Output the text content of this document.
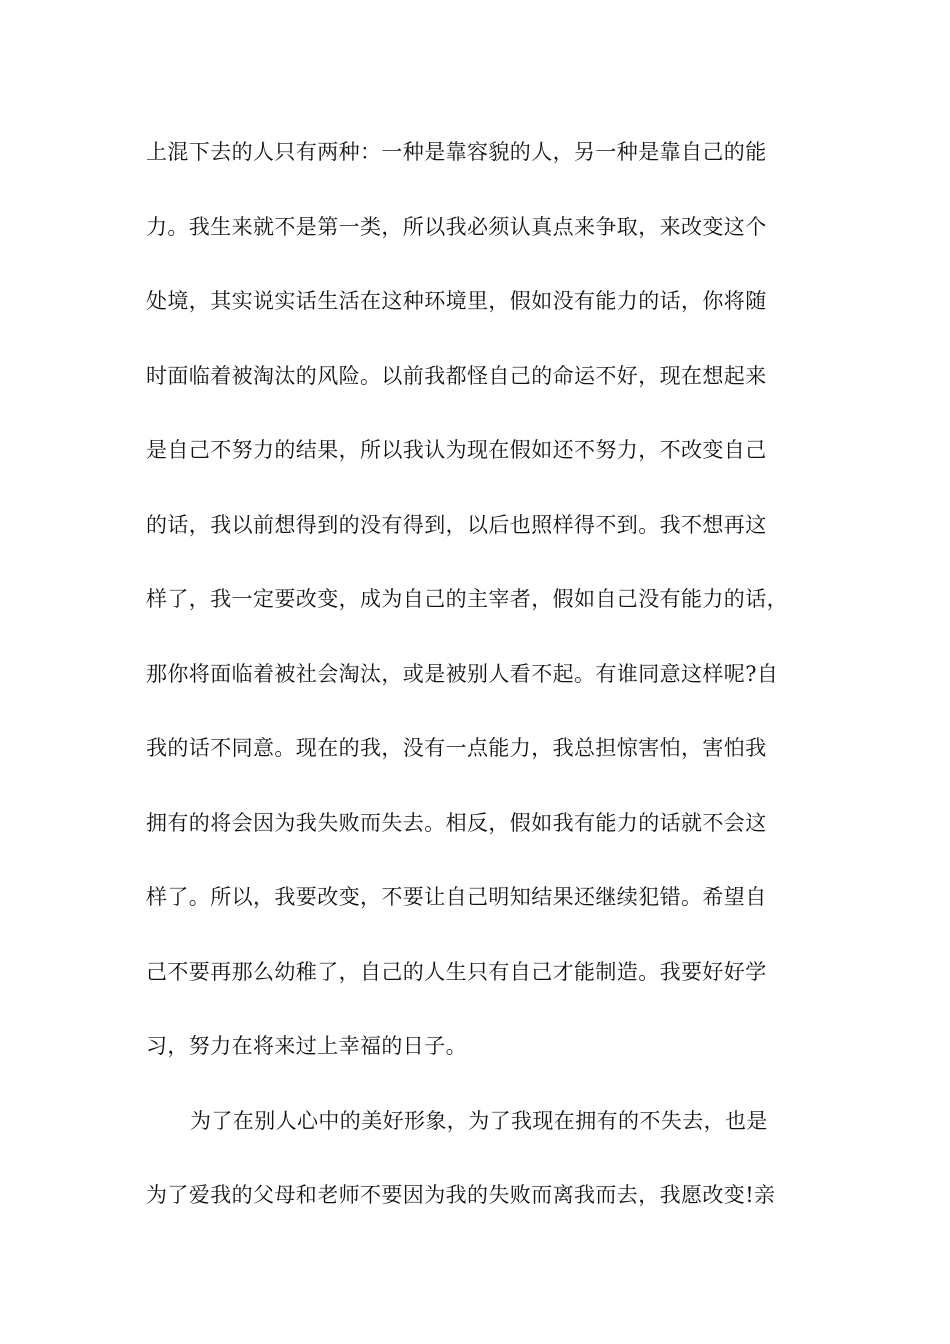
上混下去的人只有两种：一种是靠容貌的人，另一种是靠自己的能
力。我生来就不是第一类，所以我必须认真点来争取，来改变这个
处境，其实说实话生活在这种环境里，假如没有能力的话，你将随
时面临着被淘汰的风险。以前我都怪自己的命运不好，现在想起来
是自己不努力的结果，所以我认为现在假如还不努力，不改变自己
的话，我以前想得到的没有得到，以后也照样得不到。我不想再这
样了，我一定要改变，成为自己的主宰者，假如自己没有能力的话，
那你将面临着被社会淘汰，或是被别人看不起。有谁同意这样呢?自
我的话不同意。现在的我，没有一点能力，我总担惊害怕，害怕我
拥有的将会因为我失败而失去。相反，假如我有能力的话就不会这
样了。所以，我要改变，不要让自己明知结果还继续犯错。希望自
己不要再那么幼稚了，自己的人生只有自己才能制造。我要好好学
习，努力在将来过上幸福的日子。
为了在别人心中的美好形象，为了我现在拥有的不失去，也是
为了爱我的父母和老师不要因为我的失败而离我而去，我愿改变!亲
